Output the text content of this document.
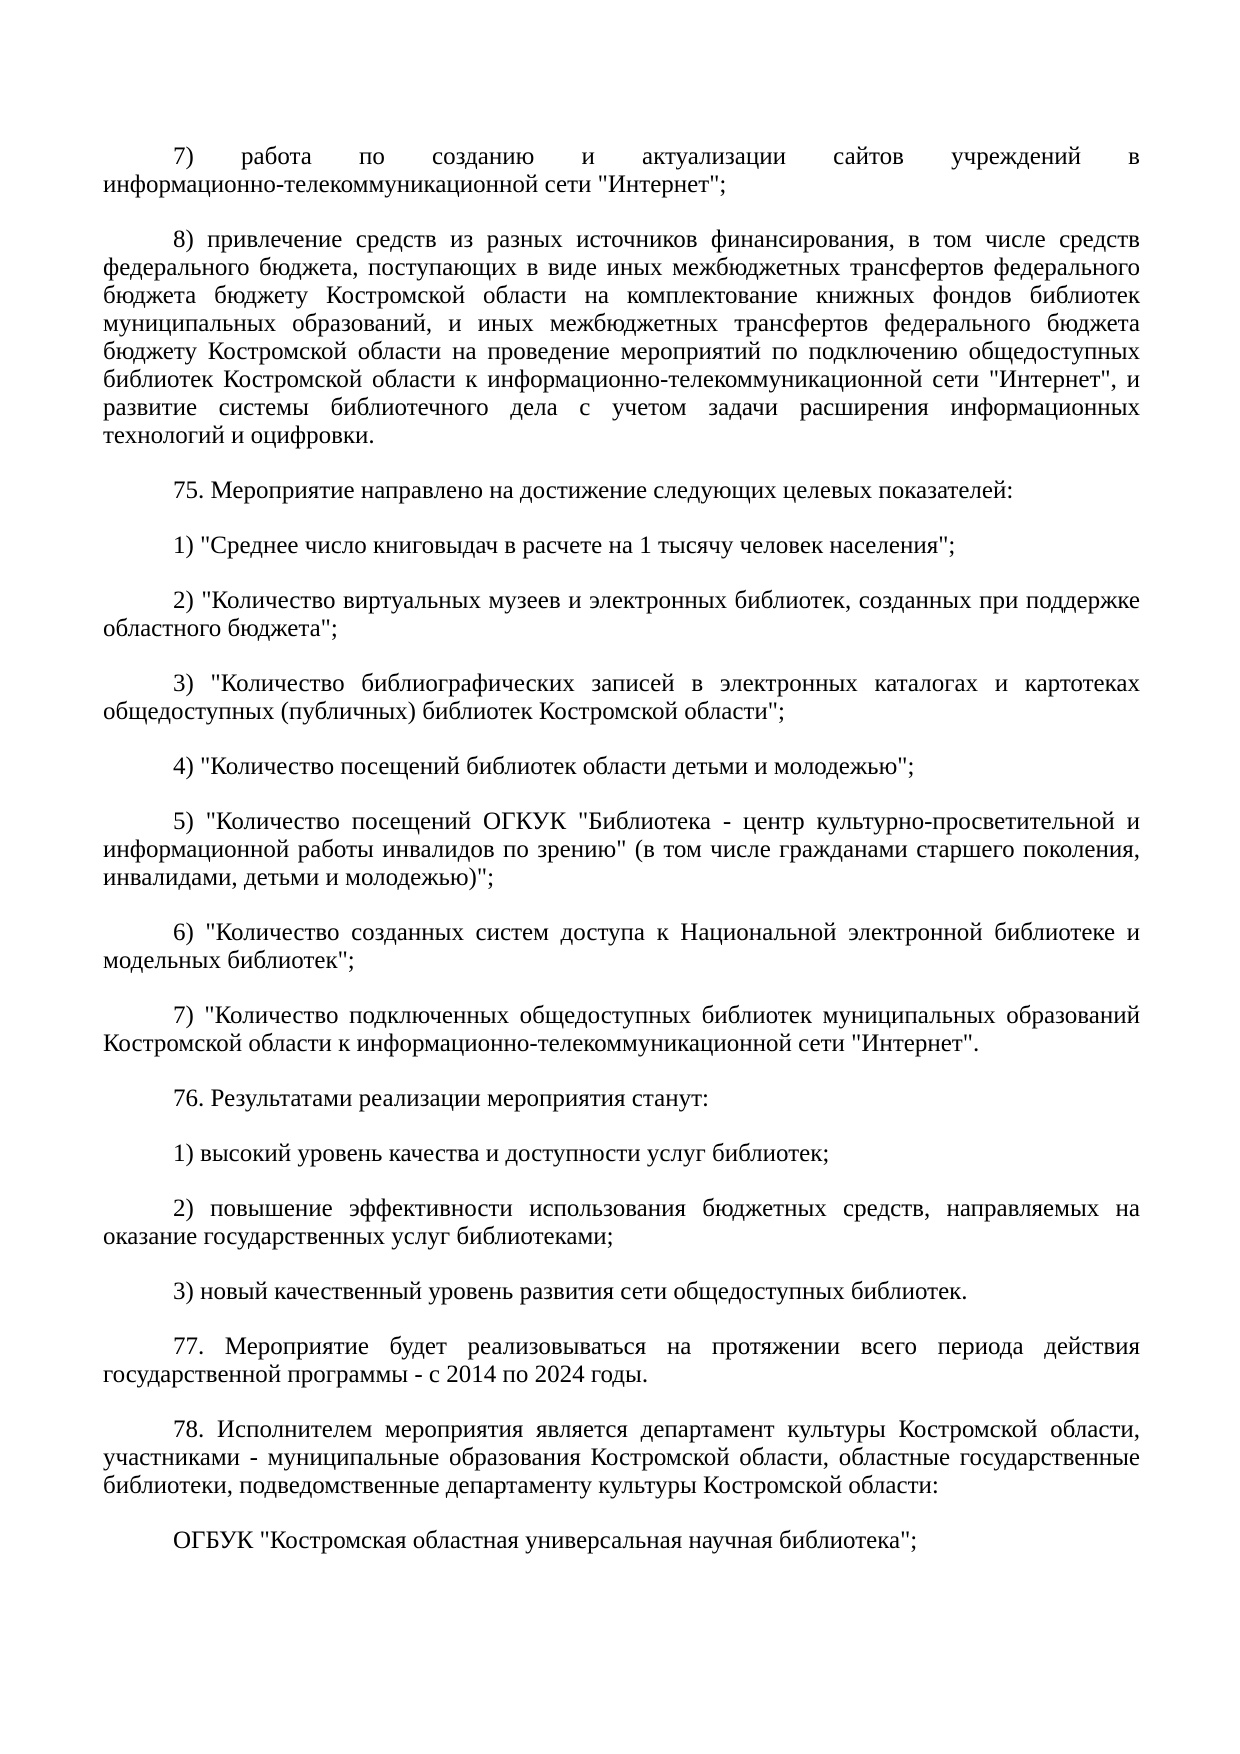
7) работа по созданию и актуализации сайтов учреждений в информационно-телекоммуникационной сети "Интернет";

8) привлечение средств из разных источников финансирования, в том числе средств федерального бюджета, поступающих в виде иных межбюджетных трансфертов федерального бюджета бюджету Костромской области на комплектование книжных фондов библиотек муниципальных образований, и иных межбюджетных трансфертов федерального бюджета бюджету Костромской области на проведение мероприятий по подключению общедоступных библиотек Костромской области к информационно-телекоммуникационной сети "Интернет", и развитие системы библиотечного дела с учетом задачи расширения информационных технологий и оцифровки.

75. Мероприятие направлено на достижение следующих целевых показателей:

1) "Среднее число книговыдач в расчете на 1 тысячу человек населения";

2) "Количество виртуальных музеев и электронных библиотек, созданных при поддержке областного бюджета";

3) "Количество библиографических записей в электронных каталогах и картотеках общедоступных (публичных) библиотек Костромской области";

4) "Количество посещений библиотек области детьми и молодежью";

5) "Количество посещений ОГКУК "Библиотека - центр культурно-просветительной и информационной работы инвалидов по зрению" (в том числе гражданами старшего поколения, инвалидами, детьми и молодежью)";

6) "Количество созданных систем доступа к Национальной электронной библиотеке и модельных библиотек";

7) "Количество подключенных общедоступных библиотек муниципальных образований Костромской области к информационно-телекоммуникационной сети "Интернет".

76. Результатами реализации мероприятия станут:

1) высокий уровень качества и доступности услуг библиотек;

2) повышение эффективности использования бюджетных средств, направляемых на оказание государственных услуг библиотеками;

3) новый качественный уровень развития сети общедоступных библиотек.

77. Мероприятие будет реализовываться на протяжении всего периода действия государственной программы - с 2014 по 2024 годы.

78. Исполнителем мероприятия является департамент культуры Костромской области, участниками - муниципальные образования Костромской области, областные государственные библиотеки, подведомственные департаменту культуры Костромской области:

ОГБУК "Костромская областная универсальная научная библиотека";
